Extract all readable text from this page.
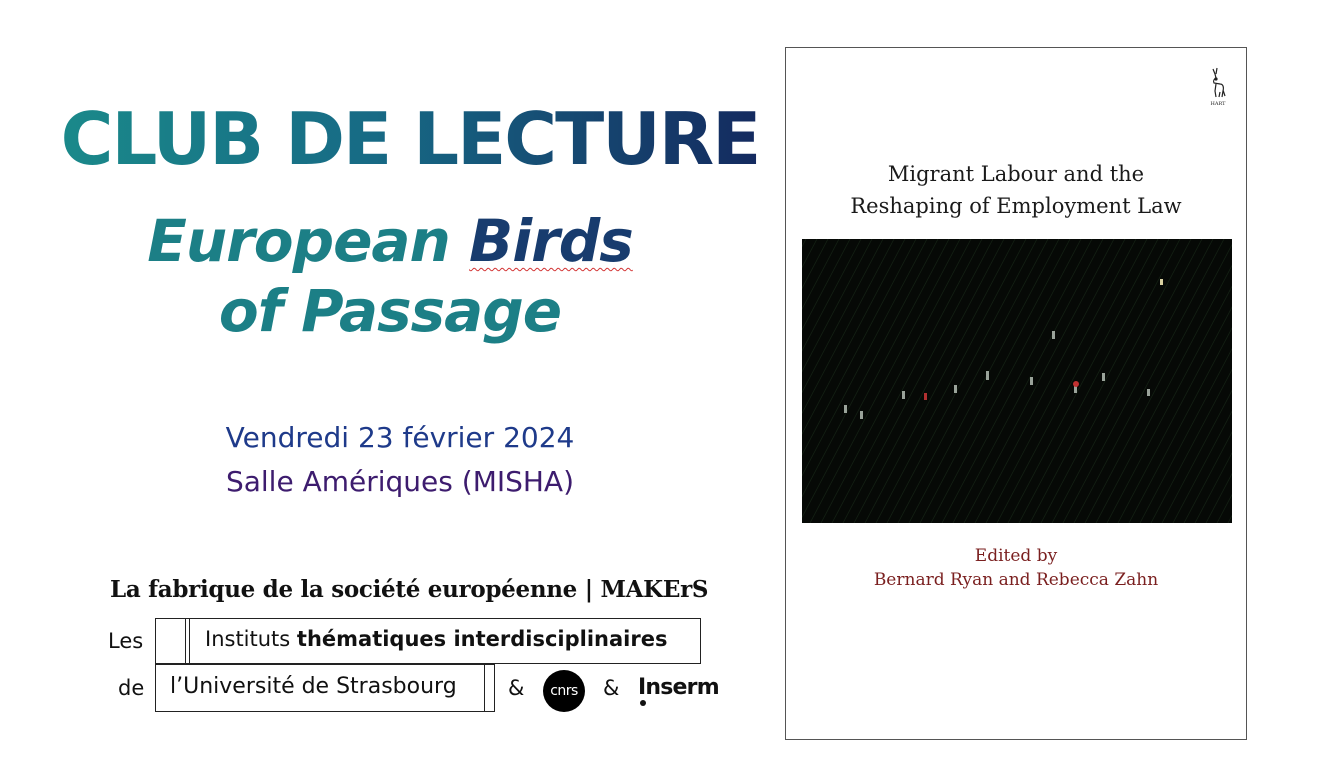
CLUB DE LECTURE
European Birds
of Passage
Vendredi 23 février 2024
Salle Amériques (MISHA)
La fabrique de la société européenne | MAKErS
Les	Instituts thématiques interdisciplinaires
de l’Université de Strasbourg &	cnrs	& Inserm
HART
Migrant Labour and the
Reshaping of Employment Law
Edited by
Bernard Ryan and Rebecca Zahn
